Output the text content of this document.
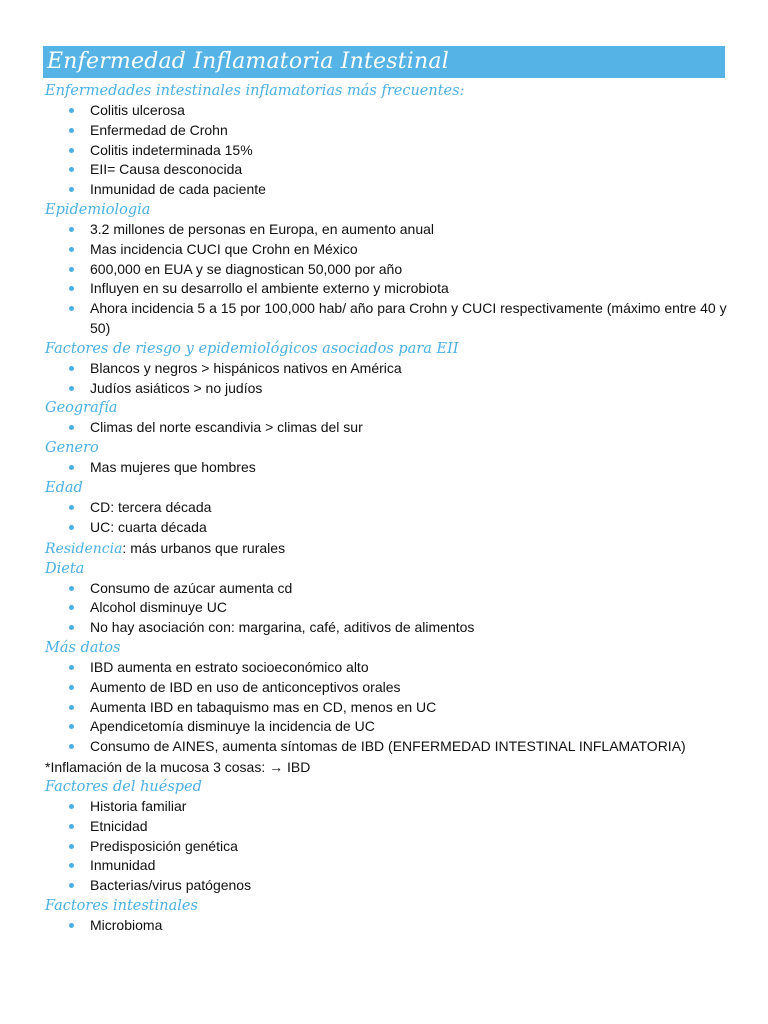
Enfermedad Inflamatoria Intestinal
Enfermedades intestinales inflamatorias más frecuentes:
Colitis ulcerosa
Enfermedad de Crohn
Colitis indeterminada 15%
EII= Causa desconocida
Inmunidad de cada paciente
Epidemiologia
3.2 millones de personas en Europa, en aumento anual
Mas incidencia CUCI que Crohn en México
600,000 en EUA y se diagnostican 50,000 por año
Influyen en su desarrollo el ambiente externo y microbiota
Ahora incidencia 5 a 15 por 100,000 hab/ año para Crohn y CUCI respectivamente (máximo entre 40 y 50)
Factores de riesgo y epidemiológicos asociados para EII
Blancos y negros > hispánicos nativos en América
Judíos asiáticos > no judíos
Geografía
Climas del norte escandivia > climas del sur
Genero
Mas mujeres que hombres
Edad
CD: tercera década
UC: cuarta década
Residencia: más urbanos que rurales
Dieta
Consumo de azúcar aumenta cd
Alcohol disminuye UC
No hay asociación con: margarina, café, aditivos de alimentos
Más datos
IBD aumenta en estrato socioeconómico alto
Aumento de IBD en uso de anticonceptivos orales
Aumenta IBD en tabaquismo mas en CD, menos en UC
Apendicetomía disminuye la incidencia de UC
Consumo de AINES, aumenta síntomas de IBD (ENFERMEDAD INTESTINAL INFLAMATORIA)
*Inflamación de la mucosa 3 cosas: → IBD
Factores del huésped
Historia familiar
Etnicidad
Predisposición genética
Inmunidad
Bacterias/virus patógenos
Factores intestinales
Microbioma
